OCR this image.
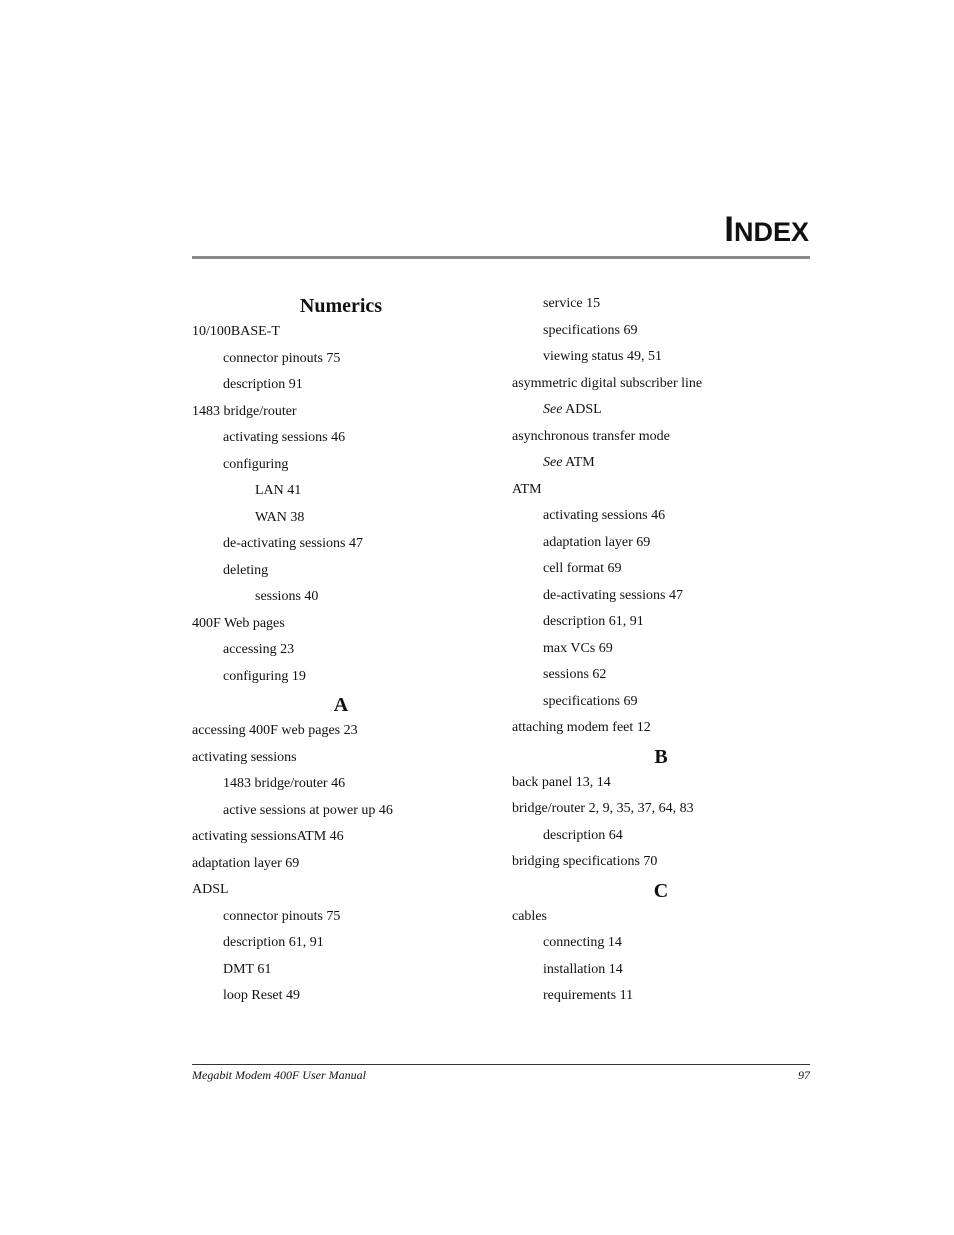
INDEX
Numerics
10/100BASE-T
connector pinouts 75
description 91
1483 bridge/router
activating sessions 46
configuring
LAN 41
WAN 38
de-activating sessions 47
deleting
sessions 40
400F Web pages
accessing 23
configuring 19
A
accessing 400F web pages 23
activating sessions
1483 bridge/router 46
active sessions at power up 46
activating sessionsATM 46
adaptation layer 69
ADSL
connector pinouts 75
description 61, 91
DMT 61
loop Reset 49
service 15
specifications 69
viewing status 49, 51
asymmetric digital subscriber line
See ADSL
asynchronous transfer mode
See ATM
ATM
activating sessions 46
adaptation layer 69
cell format 69
de-activating sessions 47
description 61, 91
max VCs 69
sessions 62
specifications 69
attaching modem feet 12
B
back panel 13, 14
bridge/router 2, 9, 35, 37, 64, 83
description 64
bridging specifications 70
C
cables
connecting 14
installation 14
requirements 11
Megabit Modem 400F User Manual	97
